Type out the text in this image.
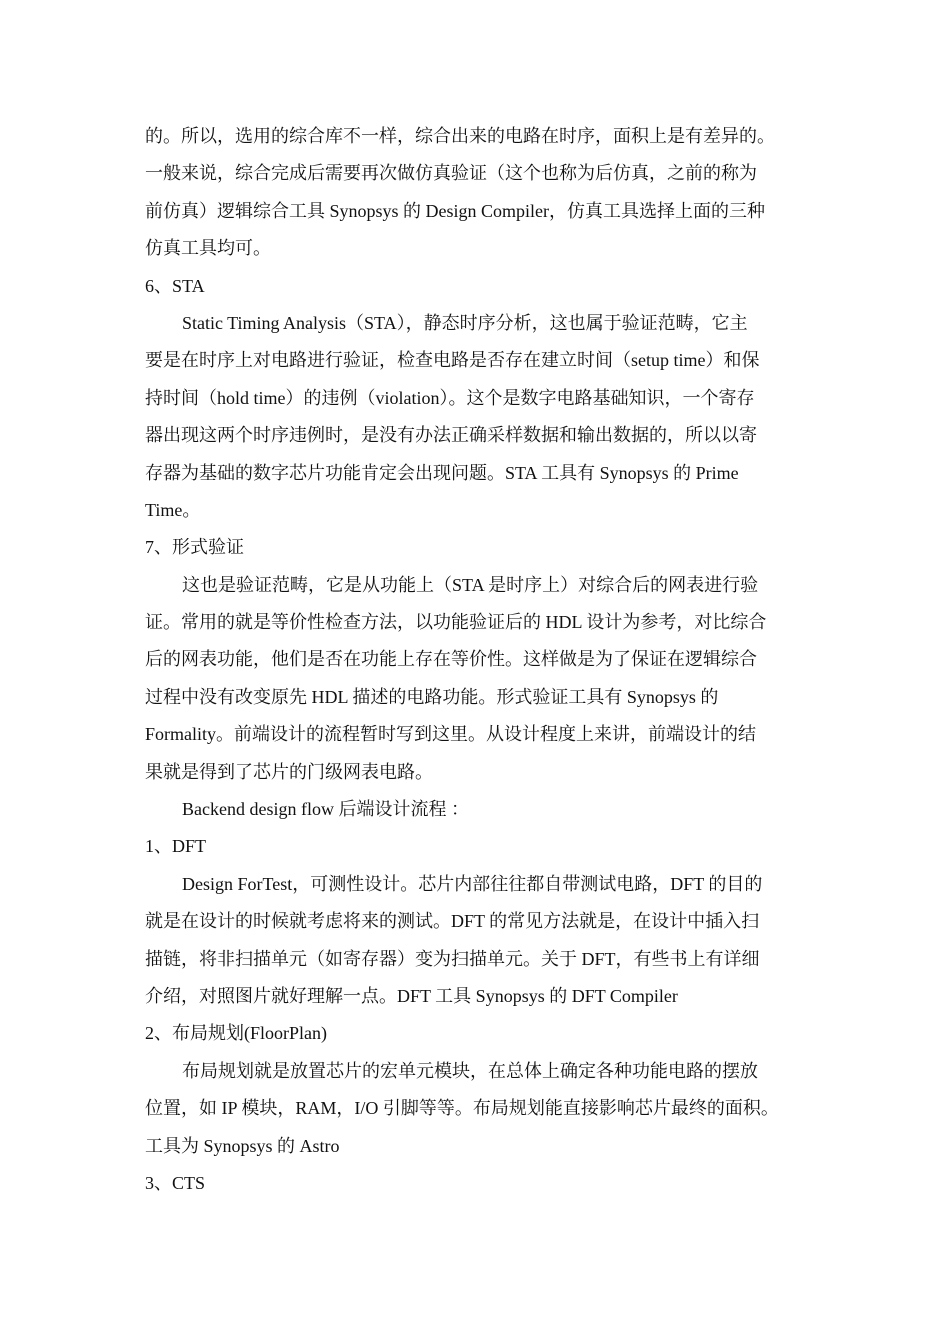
的。所以，选用的综合库不一样，综合出来的电路在时序，面积上是有差异的。
一般来说，综合完成后需要再次做仿真验证（这个也称为后仿真，之前的称为
前仿真）逻辑综合工具 Synopsys 的 Design Compiler，仿真工具选择上面的三种
仿真工具均可。
6、STA
Static Timing Analysis（STA），静态时序分析，这也属于验证范畴，它主
要是在时序上对电路进行验证，检查电路是否存在建立时间（setup time）和保
持时间（hold time）的违例（violation）。这个是数字电路基础知识，一个寄存
器出现这两个时序违例时，是没有办法正确采样数据和输出数据的，所以以寄
存器为基础的数字芯片功能肯定会出现问题。STA 工具有 Synopsys 的 Prime
Time。
7、形式验证
这也是验证范畴，它是从功能上（STA 是时序上）对综合后的网表进行验
证。常用的就是等价性检查方法，以功能验证后的 HDL 设计为参考，对比综合
后的网表功能，他们是否在功能上存在等价性。这样做是为了保证在逻辑综合
过程中没有改变原先 HDL 描述的电路功能。形式验证工具有 Synopsys 的
Formality。前端设计的流程暂时写到这里。从设计程度上来讲，前端设计的结
果就是得到了芯片的门级网表电路。
Backend design flow 后端设计流程 ：
1、DFT
Design ForTest，可测性设计。芯片内部往往都自带测试电路，DFT 的目的
就是在设计的时候就考虑将来的测试。DFT 的常见方法就是，在设计中插入扫
描链，将非扫描单元（如寄存器）变为扫描单元。关于 DFT，有些书上有详细
介绍，对照图片就好理解一点。DFT 工具 Synopsys 的 DFT Compiler
2、布局规划(FloorPlan)
布局规划就是放置芯片的宏单元模块，在总体上确定各种功能电路的摆放
位置，如 IP 模块，RAM，I/O 引脚等等。布局规划能直接影响芯片最终的面积。
工具为 Synopsys 的 Astro
3、CTS
